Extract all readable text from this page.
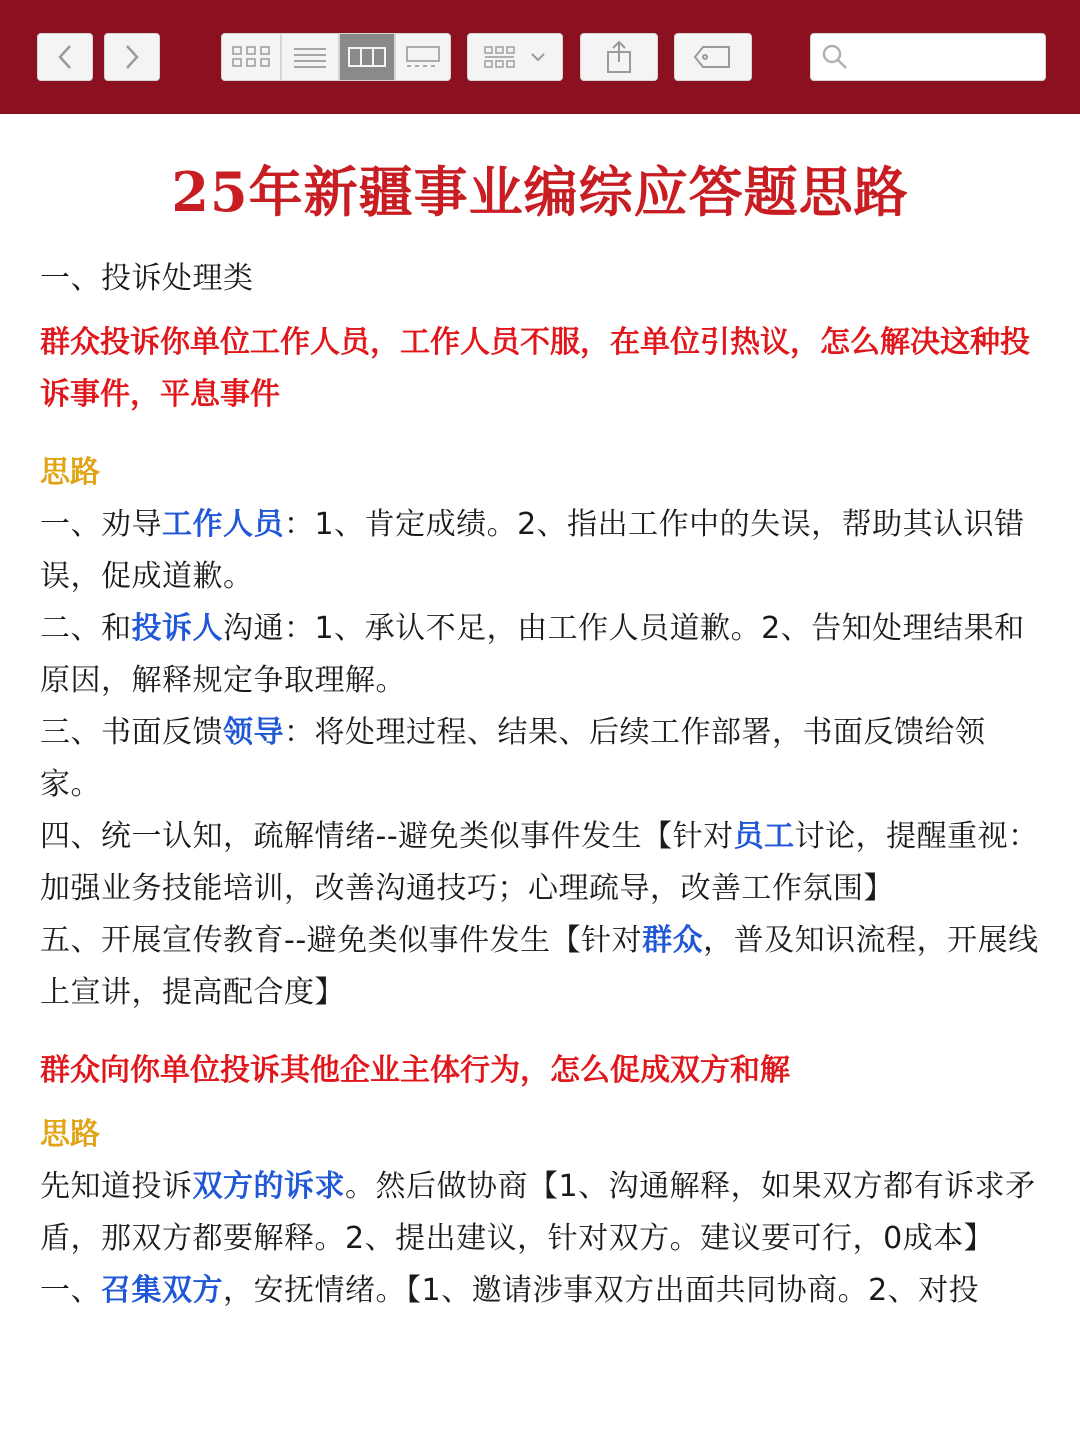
25年新疆事业编综应答题思路
一、投诉处理类
群众投诉你单位工作人员，工作人员不服，在单位引热议，怎么解决这种投诉事件，平息事件
思路
一、劝导工作人员：1、肯定成绩。2、指出工作中的失误，帮助其认识错误，促成道歉。
二、和投诉人沟通：1、承认不足，由工作人员道歉。2、告知处理结果和原因，解释规定争取理解。
三、书面反馈领导：将处理过程、结果、后续工作部署，书面反馈给领家。
四、统一认知，疏解情绪--避免类似事件发生【针对员工讨论，提醒重视：加强业务技能培训，改善沟通技巧；心理疏导，改善工作氛围】
五、开展宣传教育--避免类似事件发生【针对群众，普及知识流程，开展线上宣讲，提高配合度】
群众向你单位投诉其他企业主体行为，怎么促成双方和解
思路
先知道投诉双方的诉求。然后做协商【1、沟通解释，如果双方都有诉求矛盾，那双方都要解释。2、提出建议，针对双方。建议要可行，0成本】
一、召集双方，安抚情绪。【1、邀请涉事双方出面共同协商。2、对投
